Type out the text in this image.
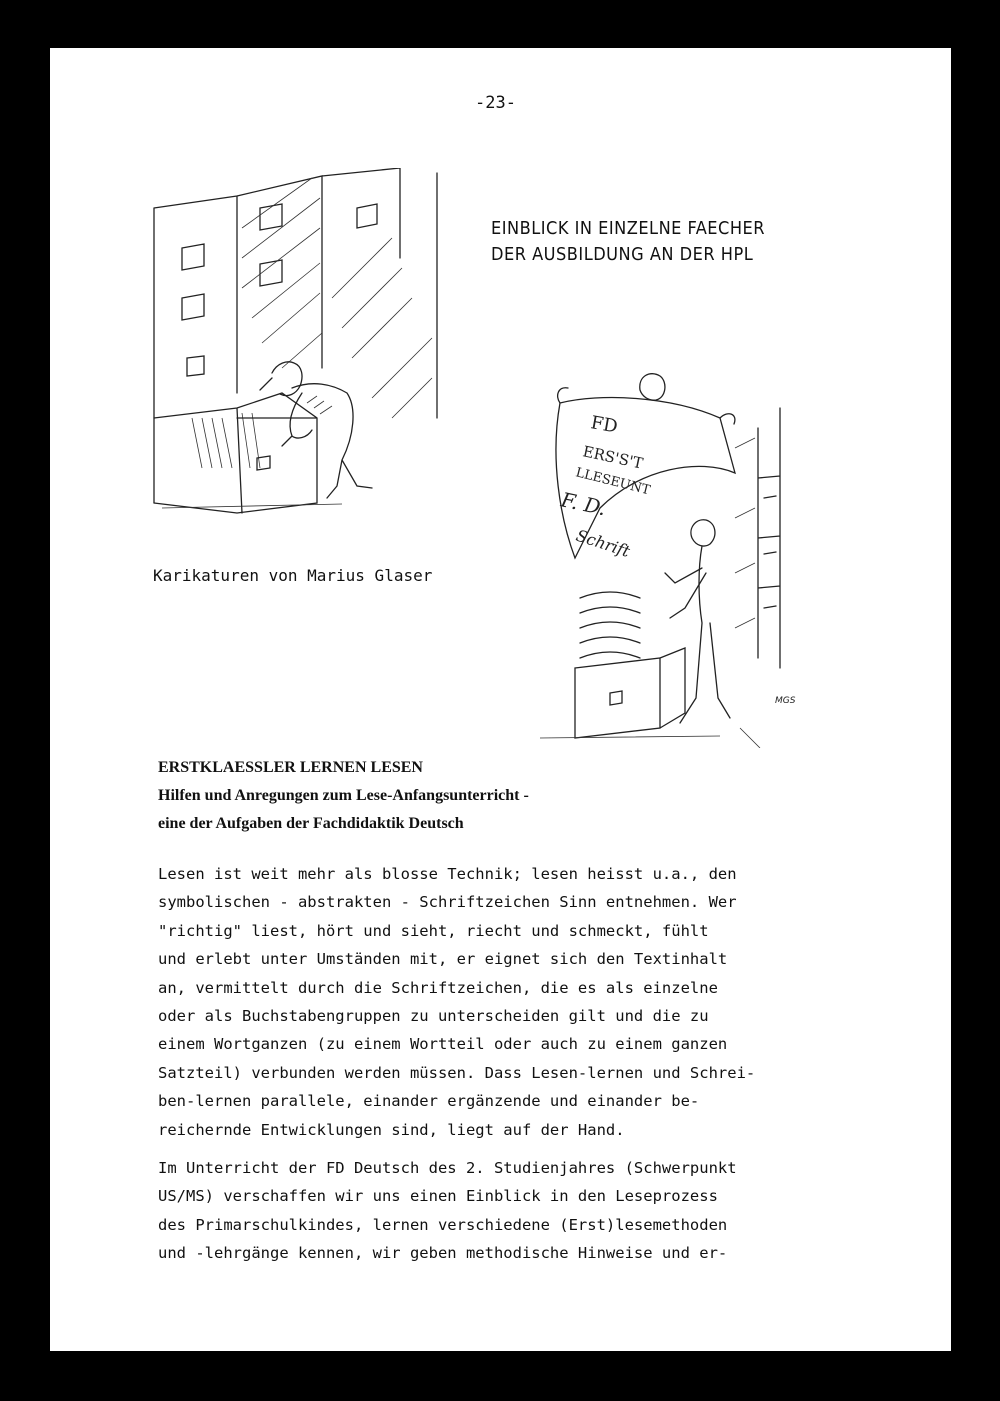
-23-
FD
ERS'S'T
LLESEUNT
F. D.
Schrift
MGS
EINBLICK IN EINZELNE FAECHER
DER AUSBILDUNG AN DER HPL
Karikaturen von Marius Glaser
ERSTKLAESSLER LERNEN LESEN
Hilfen und Anregungen zum Lese-Anfangsunterricht -
eine der Aufgaben der Fachdidaktik Deutsch
Lesen ist weit mehr als blosse Technik; lesen heisst u.a., den
symbolischen - abstrakten - Schriftzeichen Sinn entnehmen. Wer
"richtig" liest, hört und sieht, riecht und schmeckt, fühlt
und erlebt unter Umständen mit, er eignet sich den Textinhalt
an, vermittelt durch die Schriftzeichen, die es als einzelne
oder als Buchstabengruppen zu unterscheiden gilt und die zu
einem Wortganzen (zu einem Wortteil oder auch zu einem ganzen
Satzteil) verbunden werden müssen. Dass Lesen-lernen und Schrei-
ben-lernen parallele, einander ergänzende und einander be-
reichernde Entwicklungen sind, liegt auf der Hand.
Im Unterricht der FD Deutsch des 2. Studienjahres (Schwerpunkt
US/MS) verschaffen wir uns einen Einblick in den Leseprozess
des Primarschulkindes, lernen verschiedene (Erst)lesemethoden
und -lehrgänge kennen, wir geben methodische Hinweise und er-
